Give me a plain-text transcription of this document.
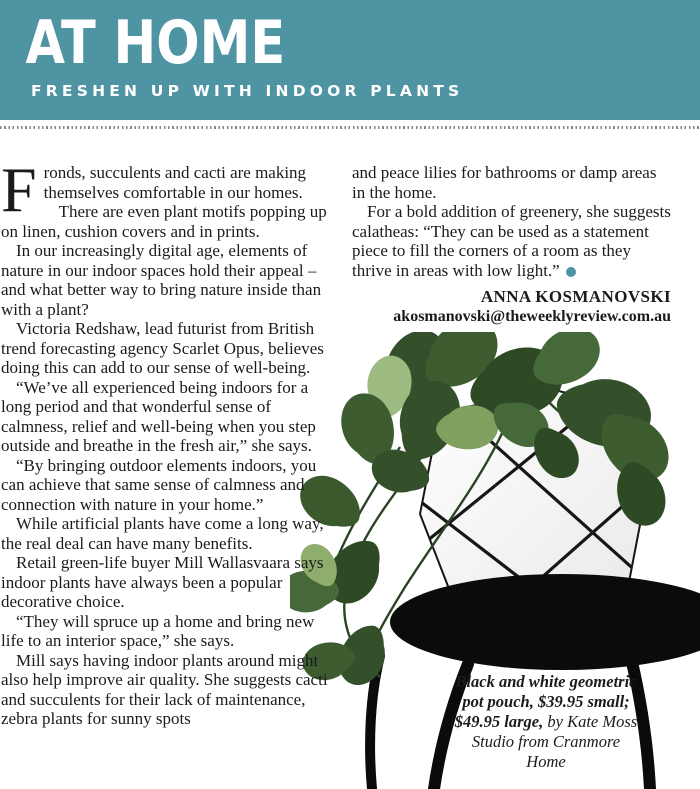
AT HOME
FRESHEN UP WITH INDOOR PLANTS

Fronds, succulents and cacti are making themselves comfortable in our homes.

There are even plant motifs popping up on linen, cushion covers and in prints.

In our increasingly digital age, elements of nature in our indoor spaces hold their appeal – and what better way to bring nature inside than with a plant?

Victoria Redshaw, lead futurist from British trend forecasting agency Scarlet Opus, believes doing this can add to our sense of well-being.

“We’ve all experienced being indoors for a long period and that wonderful sense of calmness, relief and well-being when you step outside and breathe in the fresh air,” she says.

“By bringing outdoor elements indoors, you can achieve that same sense of calmness and connection with nature in your home.”

While artificial plants have come a long way, the real deal can have many benefits.

Retail green-life buyer Mill Wallasvaara says indoor plants have always been a popular decorative choice.

“They will spruce up a home and bring new life to an interior space,” she says.

Mill says having indoor plants around might also help improve air quality. She suggests cacti and succulents for their lack of maintenance, zebra plants for sunny spots

and peace lilies for bathrooms or damp areas in the home.

For a bold addition of greenery, she suggests calatheas: “They can be used as a statement piece to fill the corners of a room as they thrive in areas with low light.”

ANNA KOSMANOVSKI
akosmanovski@theweeklyreview.com.au
Black and white geometric pot pouch, $39.95 small; $49.95 large, by Kate Moss Studio from Cranmore Home
